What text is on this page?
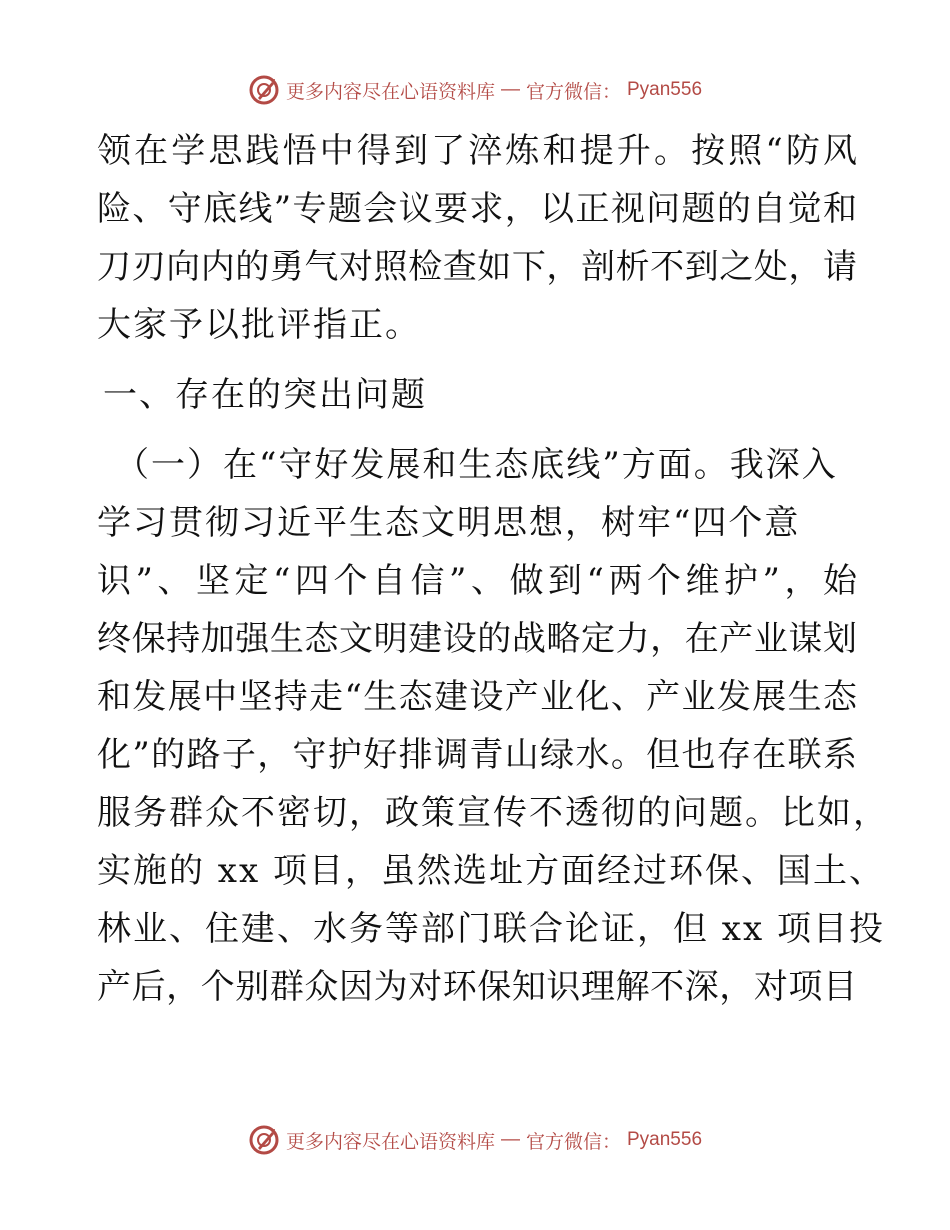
更多内容尽在心语资料库 — 官方微信： Pyan556
领在学思践悟中得到了淬炼和提升。按照“防风
险、守底线”专题会议要求，以正视问题的自觉和
刀刃向内的勇气对照检查如下，剖析不到之处，请
大家予以批评指正。
一、存在的突出问题
（一）在“守好发展和生态底线”方面。我深入
学习贯彻习近平生态文明思想，树牢“四个意
识”、坚定“四个自信”、做到“两个维护”，始
终保持加强生态文明建设的战略定力，在产业谋划
和发展中坚持走“生态建设产业化、产业发展生态
化”的路子，守护好排调青山绿水。但也存在联系
服务群众不密切，政策宣传不透彻的问题。比如，
实施的 xx 项目，虽然选址方面经过环保、国土、
林业、住建、水务等部门联合论证，但 xx 项目投
产后，个别群众因为对环保知识理解不深，对项目
更多内容尽在心语资料库 — 官方微信： Pyan556
